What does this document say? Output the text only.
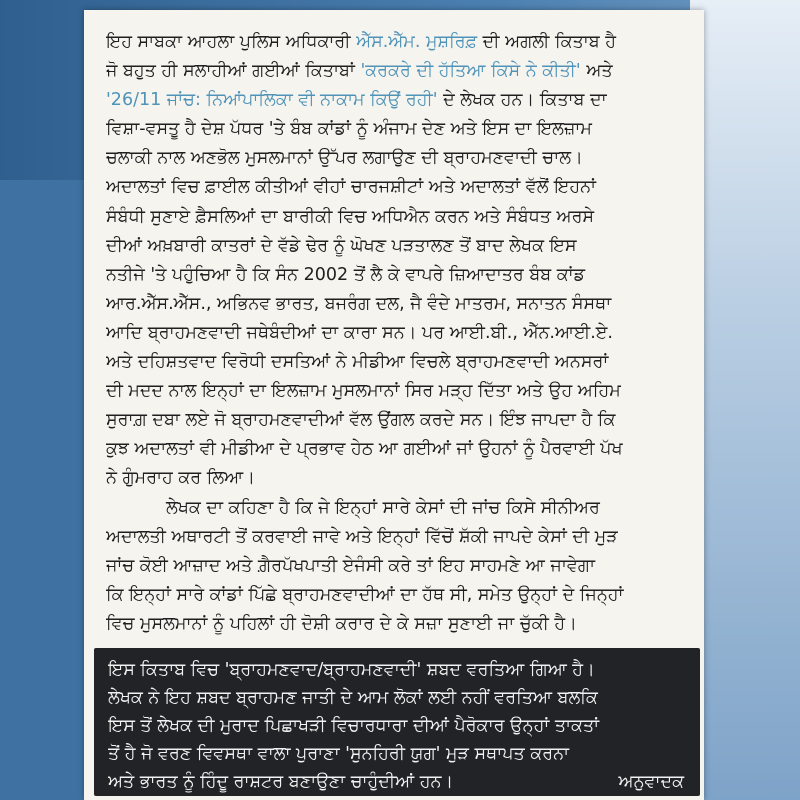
ਇਹ ਸਾਬਕਾ ਆਹਲਾ ਪੁਲਿਸ ਅਧਿਕਾਰੀ ਐੱਸ.ਐੱਮ. ਮੁਸ਼ਰਿਫ਼ ਦੀ ਅਗਲੀ ਕਿਤਾਬ ਹੈ
ਜੋ ਬਹੁਤ ਹੀ ਸਲਾਹੀਆਂ ਗਈਆਂ ਕਿਤਾਬਾਂ 'ਕਰਕਰੇ ਦੀ ਹੱਤਿਆ ਕਿਸੇ ਨੇ ਕੀਤੀ' ਅਤੇ
'26/11 ਜਾਂਚ: ਨਿਆਂਪਾਲਿਕਾ ਵੀ ਨਾਕਾਮ ਕਿਉਂ ਰਹੀ' ਦੇ ਲੇਖਕ ਹਨ। ਕਿਤਾਬ ਦਾ
ਵਿਸ਼ਾ-ਵਸਤੂ ਹੈ ਦੇਸ਼ ਪੱਧਰ 'ਤੇ ਬੰਬ ਕਾਂਡਾਂ ਨੂੰ ਅੰਜਾਮ ਦੇਣ ਅਤੇ ਇਸ ਦਾ ਇਲਜ਼ਾਮ
ਚਲਾਕੀ ਨਾਲ ਅਣਭੋਲ ਮੁਸਲਮਾਨਾਂ ਉੱਪਰ ਲਗਾਉਣ ਦੀ ਬ੍ਰਾਹਮਣਵਾਦੀ ਚਾਲ।
ਅਦਾਲਤਾਂ ਵਿਚ ਫ਼ਾਈਲ ਕੀਤੀਆਂ ਵੀਹਾਂ ਚਾਰਜਸ਼ੀਟਾਂ ਅਤੇ ਅਦਾਲਤਾਂ ਵੱਲੋਂ ਇਹਨਾਂ
ਸੰਬੰਧੀ ਸੁਣਾਏ ਫ਼ੈਸਲਿਆਂ ਦਾ ਬਾਰੀਕੀ ਵਿਚ ਅਧਿਐਨ ਕਰਨ ਅਤੇ ਸੰਬੰਧਤ ਅਰਸੇ
ਦੀਆਂ ਅਖ਼ਬਾਰੀ ਕਾਤਰਾਂ ਦੇ ਵੱਡੇ ਢੇਰ ਨੂੰ ਘੋਖਣ ਪੜਤਾਲਣ ਤੋਂ ਬਾਦ ਲੇਖਕ ਇਸ
ਨਤੀਜੇ 'ਤੇ ਪਹੁੰਚਿਆ ਹੈ ਕਿ ਸੰਨ 2002 ਤੋਂ ਲੈ ਕੇ ਵਾਪਰੇ ਜ਼ਿਆਦਾਤਰ ਬੰਬ ਕਾਂਡ
ਆਰ.ਐੱਸ.ਐੱਸ., ਅਭਿਨਵ ਭਾਰਤ, ਬਜਰੰਗ ਦਲ, ਜੈ ਵੰਦੇ ਮਾਤਰਮ, ਸਨਾਤਨ ਸੰਸਥਾ
ਆਦਿ ਬ੍ਰਾਹਮਣਵਾਦੀ ਜਥੇਬੰਦੀਆਂ ਦਾ ਕਾਰਾ ਸਨ। ਪਰ ਆਈ.ਬੀ., ਐੱਨ.ਆਈ.ਏ.
ਅਤੇ ਦਹਿਸ਼ਤਵਾਦ ਵਿਰੋਧੀ ਦਸਤਿਆਂ ਨੇ ਮੀਡੀਆ ਵਿਚਲੇ ਬ੍ਰਾਹਮਣਵਾਦੀ ਅਨਸਰਾਂ
ਦੀ ਮਦਦ ਨਾਲ ਇਨ੍ਹਾਂ ਦਾ ਇਲਜ਼ਾਮ ਮੁਸਲਮਾਨਾਂ ਸਿਰ ਮੜ੍ਹ ਦਿੱਤਾ ਅਤੇ ਉਹ ਅਹਿਮ
ਸੁਰਾਗ਼ ਦਬਾ ਲਏ ਜੋ ਬ੍ਰਾਹਮਣਵਾਦੀਆਂ ਵੱਲ ਉਂਗਲ ਕਰਦੇ ਸਨ। ਇੰਝ ਜਾਪਦਾ ਹੈ ਕਿ
ਕੁਝ ਅਦਾਲਤਾਂ ਵੀ ਮੀਡੀਆ ਦੇ ਪ੍ਰਭਾਵ ਹੇਠ ਆ ਗਈਆਂ ਜਾਂ ਉਹਨਾਂ ਨੂੰ ਪੈਰਵਾਈ ਪੱਖ
ਨੇ ਗੁੰਮਰਾਹ ਕਰ ਲਿਆ।
ਲੇਖਕ ਦਾ ਕਹਿਣਾ ਹੈ ਕਿ ਜੇ ਇਨ੍ਹਾਂ ਸਾਰੇ ਕੇਸਾਂ ਦੀ ਜਾਂਚ ਕਿਸੇ ਸੀਨੀਅਰ
ਅਦਾਲਤੀ ਅਥਾਰਟੀ ਤੋਂ ਕਰਵਾਈ ਜਾਵੇ ਅਤੇ ਇਨ੍ਹਾਂ ਵਿੱਚੋਂ ਸ਼ੱਕੀ ਜਾਪਦੇ ਕੇਸਾਂ ਦੀ ਮੁੜ
ਜਾਂਚ ਕੋਈ ਆਜ਼ਾਦ ਅਤੇ ਗ਼ੈਰਪੱਖਪਾਤੀ ਏਜੰਸੀ ਕਰੇ ਤਾਂ ਇਹ ਸਾਹਮਣੇ ਆ ਜਾਵੇਗਾ
ਕਿ ਇਨ੍ਹਾਂ ਸਾਰੇ ਕਾਂਡਾਂ ਪਿੱਛੇ ਬ੍ਰਾਹਮਣਵਾਦੀਆਂ ਦਾ ਹੱਥ ਸੀ, ਸਮੇਤ ਉਨ੍ਹਾਂ ਦੇ ਜਿਨ੍ਹਾਂ
ਵਿਚ ਮੁਸਲਮਾਨਾਂ ਨੂੰ ਪਹਿਲਾਂ ਹੀ ਦੋਸ਼ੀ ਕਰਾਰ ਦੇ ਕੇ ਸਜ਼ਾ ਸੁਣਾਈ ਜਾ ਚੁੱਕੀ ਹੈ।
ਇਸ ਕਿਤਾਬ ਵਿਚ 'ਬ੍ਰਾਹਮਣਵਾਦ/ਬ੍ਰਾਹਮਣਵਾਦੀ' ਸ਼ਬਦ ਵਰਤਿਆ ਗਿਆ ਹੈ।
ਲੇਖਕ ਨੇ ਇਹ ਸ਼ਬਦ ਬ੍ਰਾਹਮਣ ਜਾਤੀ ਦੇ ਆਮ ਲੋਕਾਂ ਲਈ ਨਹੀਂ ਵਰਤਿਆ ਬਲਕਿ
ਇਸ ਤੋਂ ਲੇਖਕ ਦੀ ਮੁਰਾਦ ਪਿਛਾਖੜੀ ਵਿਚਾਰਧਾਰਾ ਦੀਆਂ ਪੈਰੋਕਾਰ ਉਨ੍ਹਾਂ ਤਾਕਤਾਂ
ਤੋਂ ਹੈ ਜੋ ਵਰਣ ਵਿਵਸਥਾ ਵਾਲਾ ਪੁਰਾਣਾ 'ਸੁਨਹਿਰੀ ਯੁਗ' ਮੁੜ ਸਥਾਪਤ ਕਰਨਾ
ਅਤੇ ਭਾਰਤ ਨੂੰ ਹਿੰਦੂ ਰਾਸ਼ਟਰ ਬਣਾਉਣਾ ਚਾਹੁੰਦੀਆਂ ਹਨ।	ਅਨੁਵਾਦਕ
